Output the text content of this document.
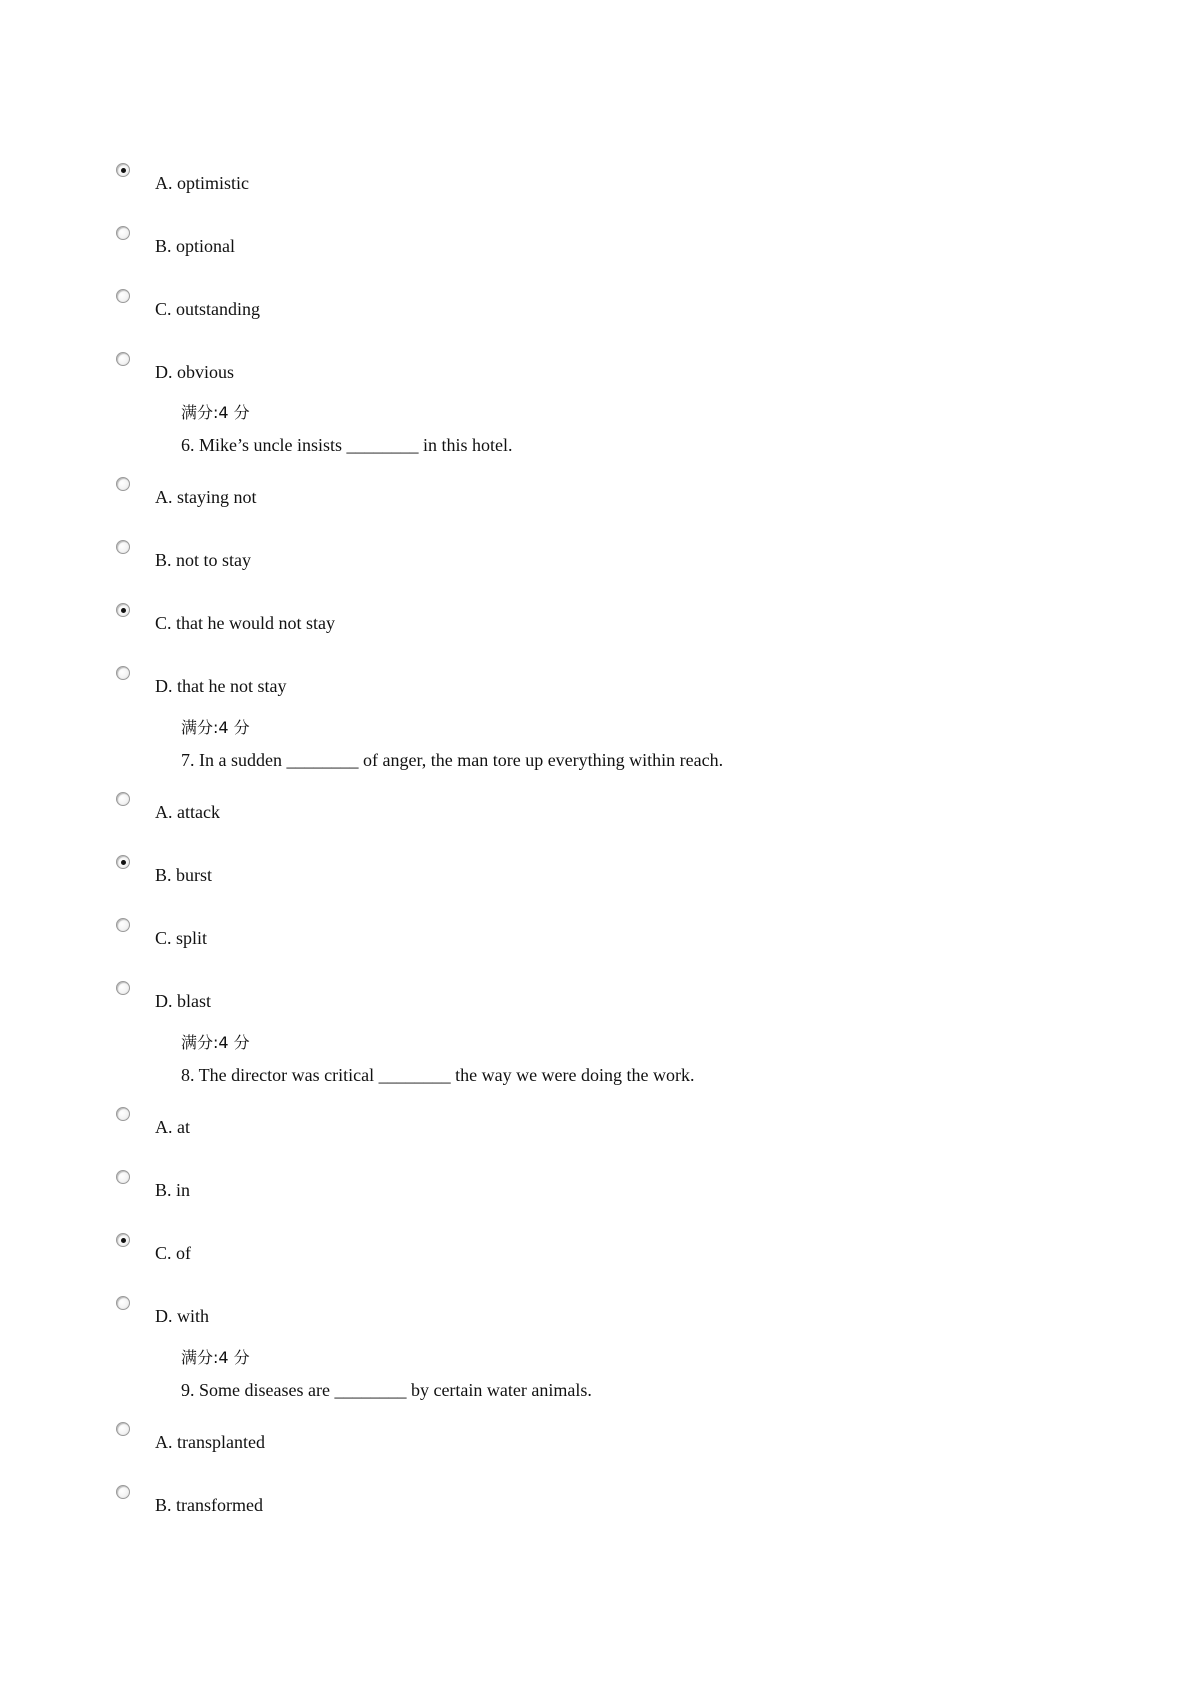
A. optimistic
B. optional
C. outstanding
D. obvious
满分:4 分
6. Mike’s uncle insists ________ in this hotel.
A. staying not
B. not to stay
C. that he would not stay
D. that he not stay
满分:4 分
7. In a sudden ________ of anger, the man tore up everything within reach.
A. attack
B. burst
C. split
D. blast
满分:4 分
8. The director was critical ________ the way we were doing the work.
A. at
B. in
C. of
D. with
满分:4 分
9. Some diseases are ________ by certain water animals.
A. transplanted
B. transformed
